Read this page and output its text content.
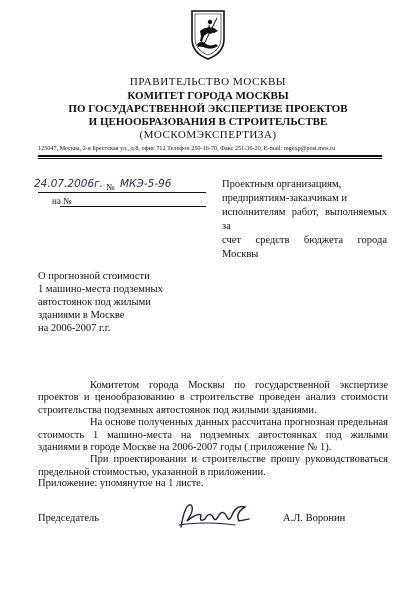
ПРАВИТЕЛЬСТВО МОСКВЫ
КОМИТЕТ ГОРОДА МОСКВЫ
ПО ГОСУДАРСТВЕННОЙ ЭКСПЕРТИЗЕ ПРОЕКТОВ
И ЦЕНООБРАЗОВАНИЯ В СТРОИТЕЛЬСТВЕ
(МОСКОМЭКСПЕРТИЗА)
125047, Москва, 2-я Брестская ул., д.8, офис 712 Телефон 250-16-70, Факс 251-36-20, E-mail: mgexp@post.mos.ru
24.07.2006г. № МКЭ-5-96
на №
Проектным организациям,
предприятиям-заказчикам и
исполнителям работ, выполняемых за
счет средств бюджета города Москвы
О прогнозной стоимости
1 машино-места подземных
автостоянок под жилыми
зданиями в Москве
на 2006-2007 г.г.

Комитетом города Москвы по государственной экспертизе проектов и ценообразованию в строительстве проведен анализ стоимости строительства подземных автостоянок под жилыми зданиями.

На основе полученных данных рассчитана прогнозная предельная стоимость 1 машино-места на подземных автостоянках под жилыми зданиями в городе Москве на 2006-2007 годы ( приложение № 1).

При проектировании и строительстве прошу руководствоваться предельной стоимостью, указанной в приложении.

Приложение: упомянутое на 1 листе.
Председатель	А.Л. Воронин
